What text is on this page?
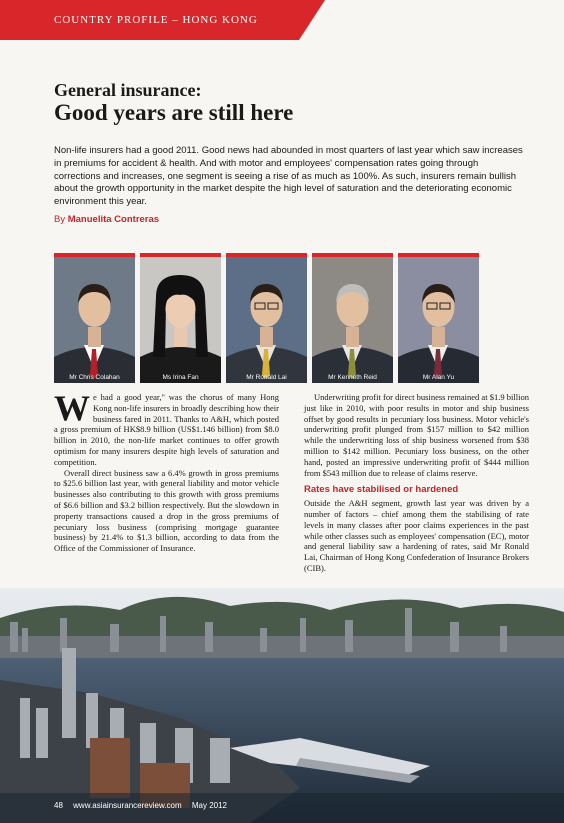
COUNTRY PROFILE – HONG KONG
General insurance:
Good years are still here
Non-life insurers had a good 2011. Good news had abounded in most quarters of last year which saw increases in premiums for accident & health. And with motor and employees' compensation rates going through corrections and increases, one segment is seeing a rise of as much as 100%. As such, insurers remain bullish about the growth opportunity in the market despite the high level of saturation and the deteriorating economic environment this year.
By Manuelita Contreras
Mr Chris Colahan	Ms Irina Fan	Mr Ronald Lai	Mr Kenneth Reid	Mr Alan Yu

We had a good year," was the chorus of many Hong Kong non-life insurers in broadly describing how their business fared in 2011. Thanks to A&H, which posted a gross premium of HK$8.9 billion (US$1.146 billion) from $8.0 billion in 2010, the non-life market continues to offer growth optimism for many insurers despite high levels of saturation and competition.

Overall direct business saw a 6.4% growth in gross premiums to $25.6 billion last year, with general liability and motor vehicle businesses also contributing to this growth with gross premiums of $6.6 billion and $3.2 billion respectively. But the slowdown in property transactions caused a drop in the gross premiums of pecuniary loss business (comprising mortgage guarantee business) by 21.4% to $1.3 billion, according to data from the Office of the Commissioner of Insurance.

Underwriting profit for direct business remained at $1.9 billion just like in 2010, with poor results in motor and ship business offset by good results in pecuniary loss business. Motor vehicle's underwriting profit plunged from $157 million to $42 million while the underwriting loss of ship business worsened from $38 million to $142 million. Pecuniary loss business, on the other hand, posted an impressive underwriting profit of $444 million from $543 million due to release of claims reserve.

Rates have stabilised or hardened

Outside the A&H segment, growth last year was driven by a number of factors – chief among them the stabilising of rate levels in many classes after poor claims experiences in the past while other classes such as employees' compensation (EC), motor and general liability saw a hardening of rates, said Mr Ronald Lai, Chairman of Hong Kong Confederation of Insurance Brokers (CIB).

48 www.asiainsurancereview.com May 2012
